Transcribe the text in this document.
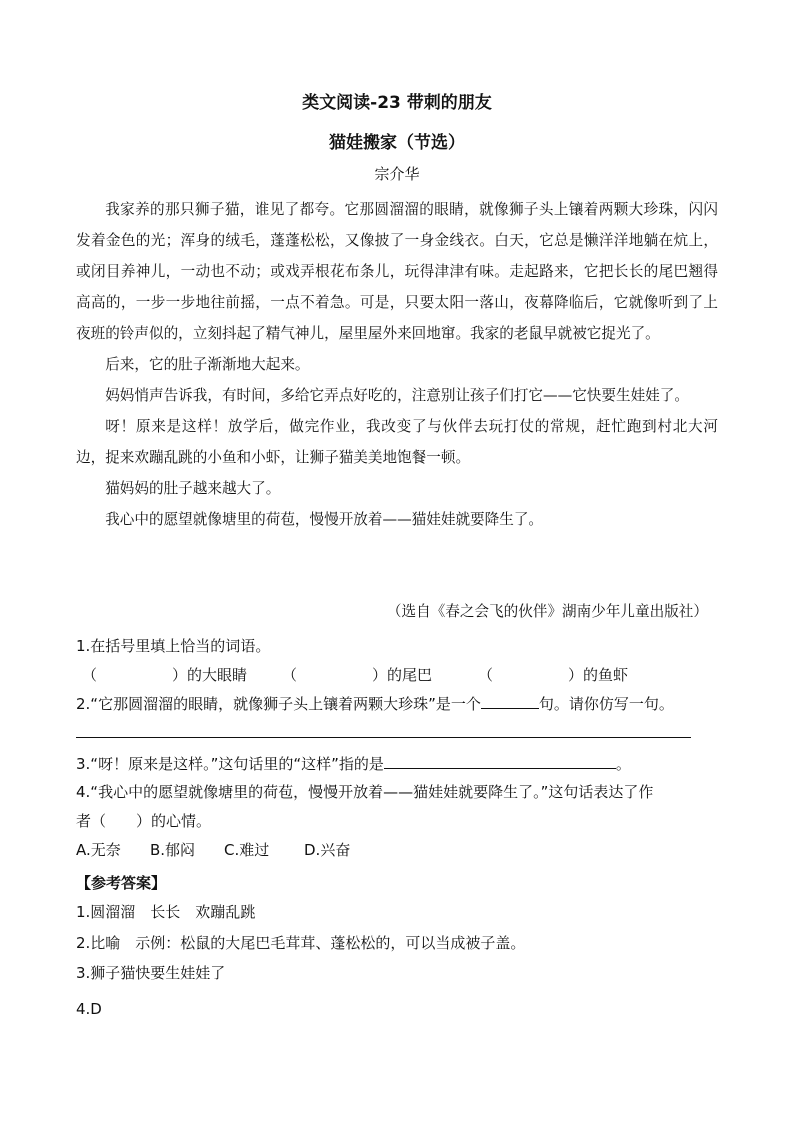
类文阅读-23 带刺的朋友
猫娃搬家（节选）
宗介华

我家养的那只狮子猫，谁见了都夸。它那圆溜溜的眼睛，就像狮子头上镶着两颗大珍珠，闪闪发着金色的光；浑身的绒毛，蓬蓬松松，又像披了一身金线衣。白天，它总是懒洋洋地躺在炕上，或闭目养神儿，一动也不动；或戏弄根花布条儿，玩得津津有味。走起路来，它把长长的尾巴翘得高高的，一步一步地往前摇，一点不着急。可是，只要太阳一落山，夜幕降临后，它就像听到了上夜班的铃声似的，立刻抖起了精气神儿，屋里屋外来回地窜。我家的老鼠早就被它捉光了。

后来，它的肚子渐渐地大起来。

妈妈悄声告诉我，有时间，多给它弄点好吃的，注意别让孩子们打它——它快要生娃娃了。

呀！原来是这样！放学后，做完作业，我改变了与伙伴去玩打仗的常规，赶忙跑到村北大河边，捉来欢蹦乱跳的小鱼和小虾，让狮子猫美美地饱餐一顿。

猫妈妈的肚子越来越大了。

我心中的愿望就像塘里的荷苞，慢慢开放着——猫娃娃就要降生了。

（选自《春之会飞的伙伴》湖南少年儿童出版社）
1.在括号里填上恰当的词语。
（　　　　　）的大眼睛 （　　　　　）的尾巴	（　　　　　）的鱼虾
2.“它那圆溜溜的眼睛，就像狮子头上镶着两颗大珍珠”是一个	句。请你仿写一句。
3.“呀！原来是这样。”这句话里的“这样”指的是	。
4.“我心中的愿望就像塘里的荷苞，慢慢开放着——猫娃娃就要降生了。”这句话表达了作
者（　　）的心情。
A.无奈 B.郁闷 C.难过 D.兴奋
【参考答案】
1.圆溜溜　长长　欢蹦乱跳
2.比喻　示例：松鼠的大尾巴毛茸茸、蓬松松的，可以当成被子盖。
3.狮子猫快要生娃娃了
4.D
